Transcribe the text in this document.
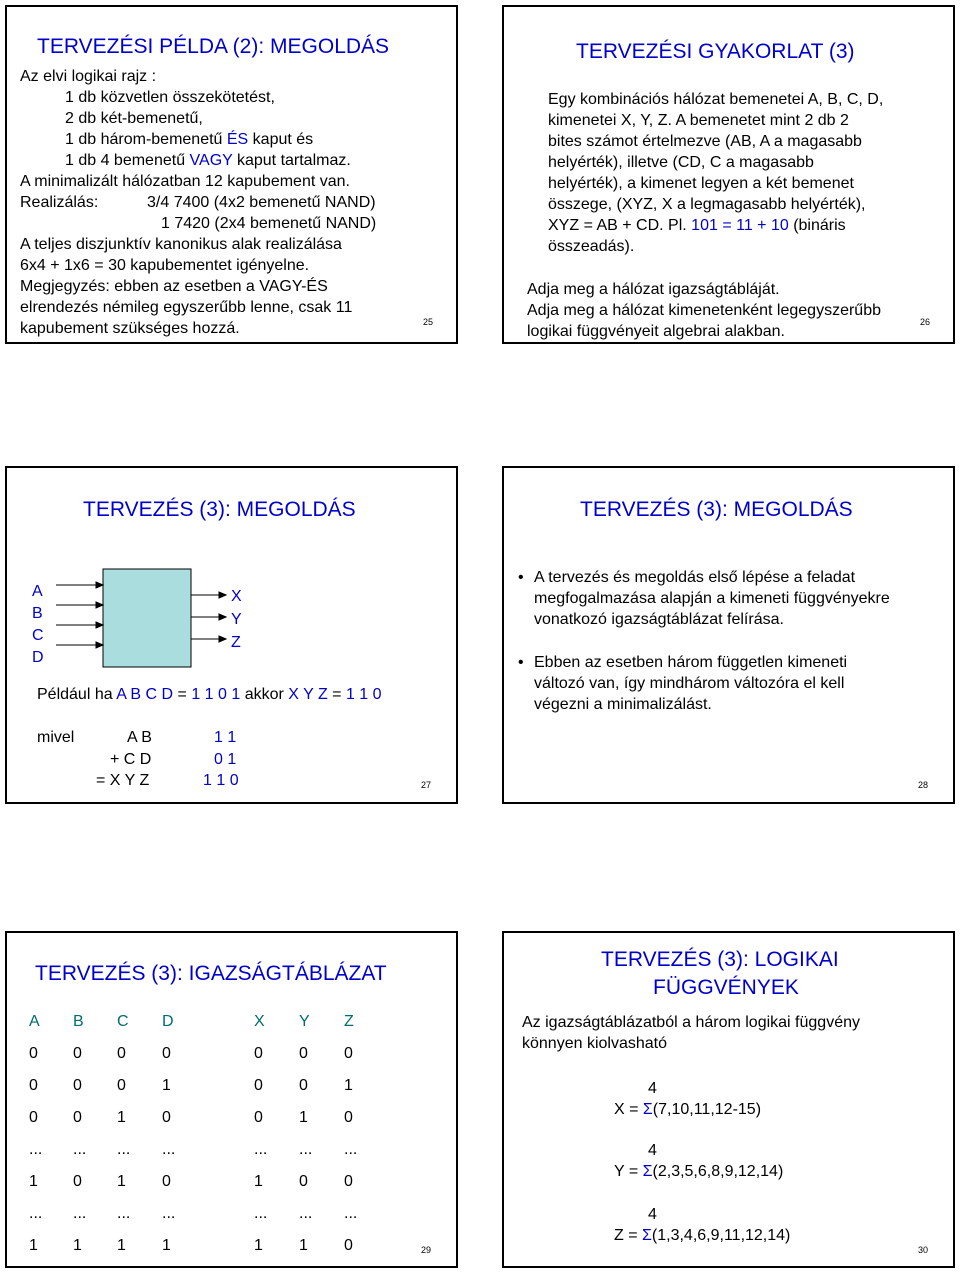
TERVEZÉSI PÉLDA (2): MEGOLDÁS
Az elvi logikai rajz :
1 db közvetlen összekötetést,
2 db két-bemenetű,
1 db három-bemenetű ÉS kaput és
1 db 4 bemenetű VAGY kaput tartalmaz.
A minimalizált hálózatban 12 kapubement van.
Realizálás:	3/4 7400 (4x2 bemenetű NAND)
1 7420 (2x4 bemenetű NAND)
A teljes diszjunktív kanonikus alak realizálása
6x4 + 1x6 = 30 kapubementet igényelne.
Megjegyzés: ebben az esetben a VAGY-ÉS
elrendezés némileg egyszerűbb lenne, csak 11
kapubement szükséges hozzá.	25
TERVEZÉSI GYAKORLAT (3)
Egy kombinációs hálózat bemenetei A, B, C, D,
kimenetei X, Y, Z. A bemenetet mint 2 db 2
bites számot értelmezve (AB, A a magasabb
helyérték), illetve (CD, C a magasabb
helyérték), a kimenet legyen a két bemenet
összege, (XYZ, X a legmagasabb helyérték),
XYZ = AB + CD. Pl. 101 = 11 + 10 (bináris
összeadás).
Adja meg a hálózat igazságtábláját.
Adja meg a hálózat kimenetenként legegyszerűbb
logikai függvényeit algebrai alakban.
26
TERVEZÉS (3): MEGOLDÁS
A
B
C
D
X
Y
Z
Például ha A B C D = 1 1 0 1 akkor X Y Z = 1 1 0
mivel	A B	1 1
+ C D	0 1
= X Y Z	1 1 0	27
TERVEZÉS (3): MEGOLDÁS
• A tervezés és megoldás első lépése a feladat
megfogalmazása alapján a kimeneti függvényekre
vonatkozó igazságtáblázat felírása.
• Ebben az esetben három független kimeneti
változó van, így mindhárom változóra el kell
végezni a minimalizálást.
28
TERVEZÉS (3): IGAZSÁGTÁBLÁZAT
A B C D	X Y Z
0 0 0 0	0 0 0
0 0 0 1	0 0 1
0 0 1 0	0 1 0
... ... ... ...	... ... ...
1 0 1 0	1 0 0
... ... ... ...	... ... ...
1 1 1 1	1 1 0	29
TERVEZÉS (3): LOGIKAI
FÜGGVÉNYEK
Az igazságtáblázatból a három logikai függvény
könnyen kiolvasható
4
X = Σ(7,10,11,12-15)
4
Y = Σ(2,3,5,6,8,9,12,14)
4
Z = Σ(1,3,4,6,9,11,12,14)
30
